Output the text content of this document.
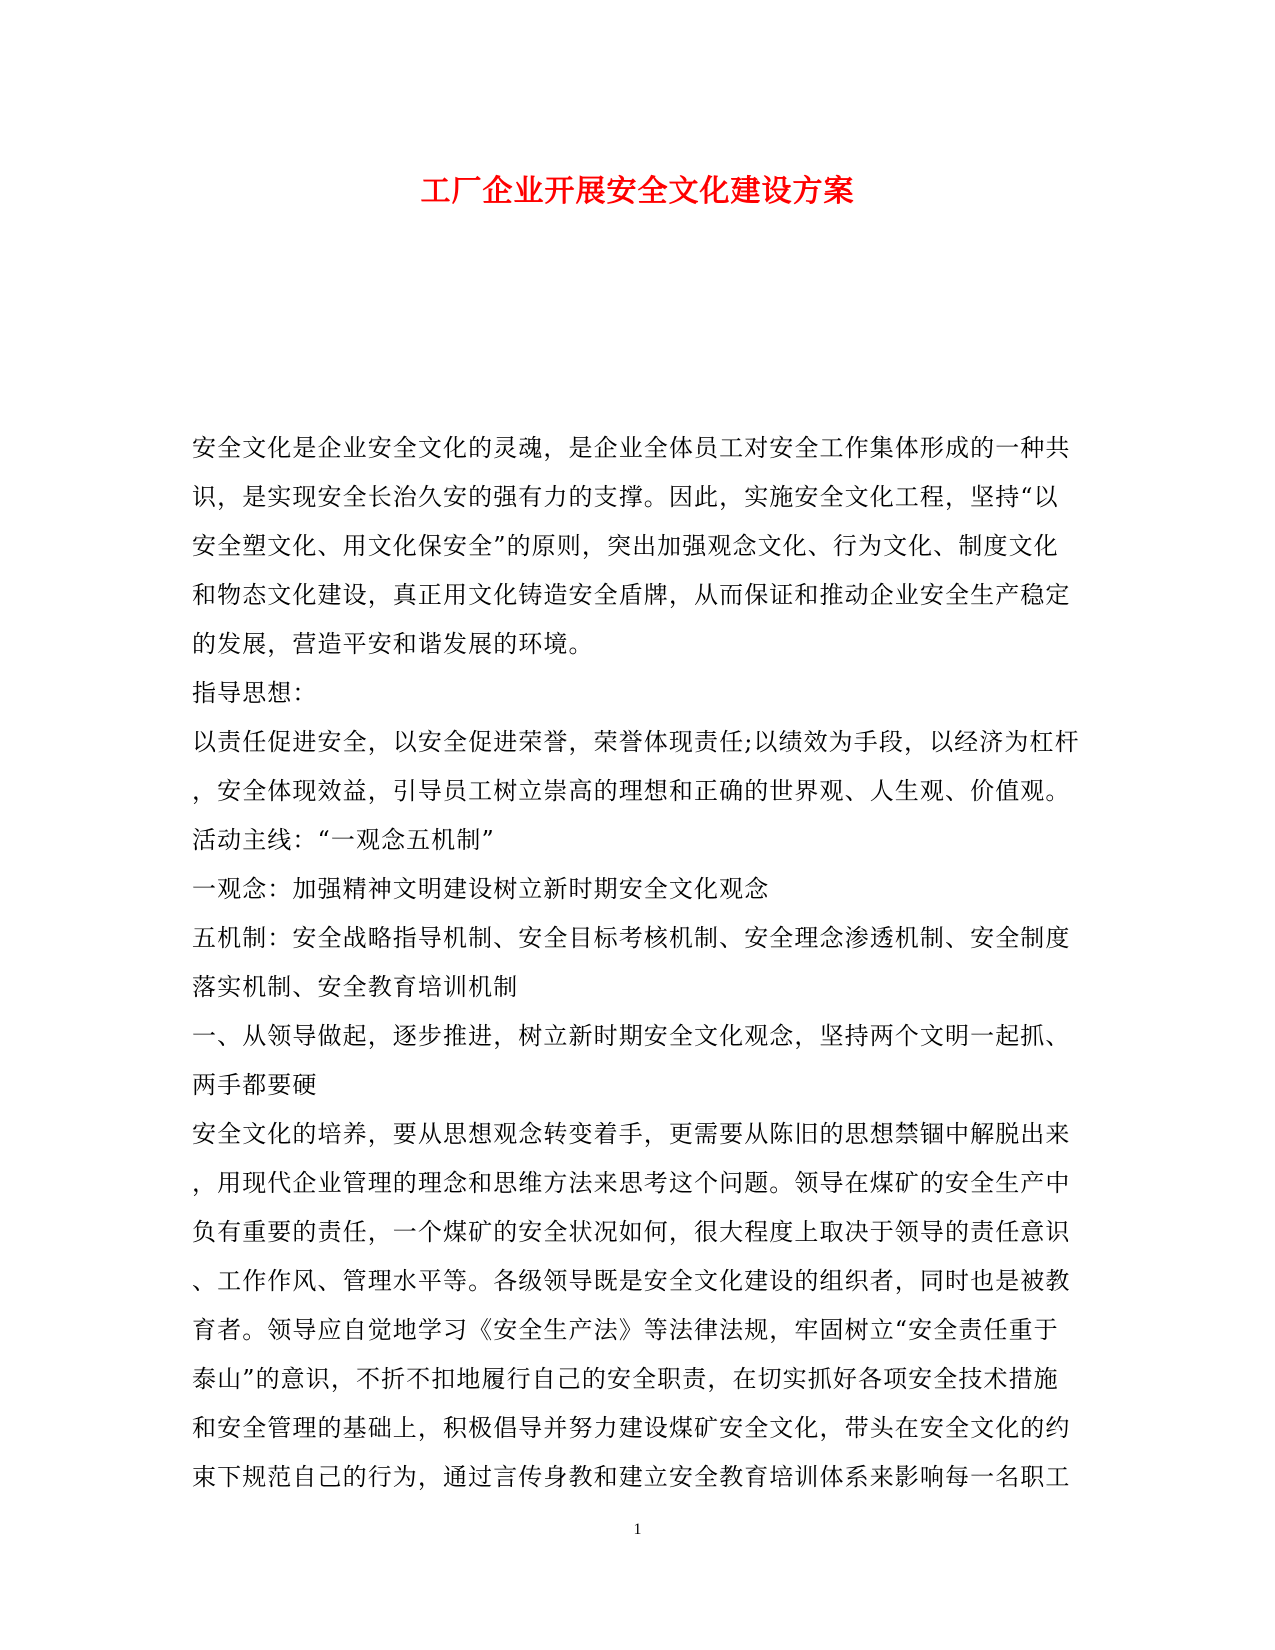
工厂企业开展安全文化建设方案
安全文化是企业安全文化的灵魂，是企业全体员工对安全工作集体形成的一种共
识，是实现安全长治久安的强有力的支撑。因此，实施安全文化工程，坚持“以
安全塑文化、用文化保安全”的原则，突出加强观念文化、行为文化、制度文化
和物态文化建设，真正用文化铸造安全盾牌，从而保证和推动企业安全生产稳定
的发展，营造平安和谐发展的环境。
指导思想：
以责任促进安全，以安全促进荣誉，荣誉体现责任;以绩效为手段，以经济为杠杆
，安全体现效益，引导员工树立崇高的理想和正确的世界观、人生观、价值观。
活动主线：“一观念五机制”
一观念：加强精神文明建设树立新时期安全文化观念
五机制：安全战略指导机制、安全目标考核机制、安全理念渗透机制、安全制度
落实机制、安全教育培训机制
一、从领导做起，逐步推进，树立新时期安全文化观念，坚持两个文明一起抓、
两手都要硬
安全文化的培养，要从思想观念转变着手，更需要从陈旧的思想禁锢中解脱出来
，用现代企业管理的理念和思维方法来思考这个问题。领导在煤矿的安全生产中
负有重要的责任，一个煤矿的安全状况如何，很大程度上取决于领导的责任意识
、工作作风、管理水平等。各级领导既是安全文化建设的组织者，同时也是被教
育者。领导应自觉地学习《安全生产法》等法律法规，牢固树立“安全责任重于
泰山”的意识，不折不扣地履行自己的安全职责，在切实抓好各项安全技术措施
和安全管理的基础上，积极倡导并努力建设煤矿安全文化，带头在安全文化的约
束下规范自己的行为，通过言传身教和建立安全教育培训体系来影响每一名职工
1
